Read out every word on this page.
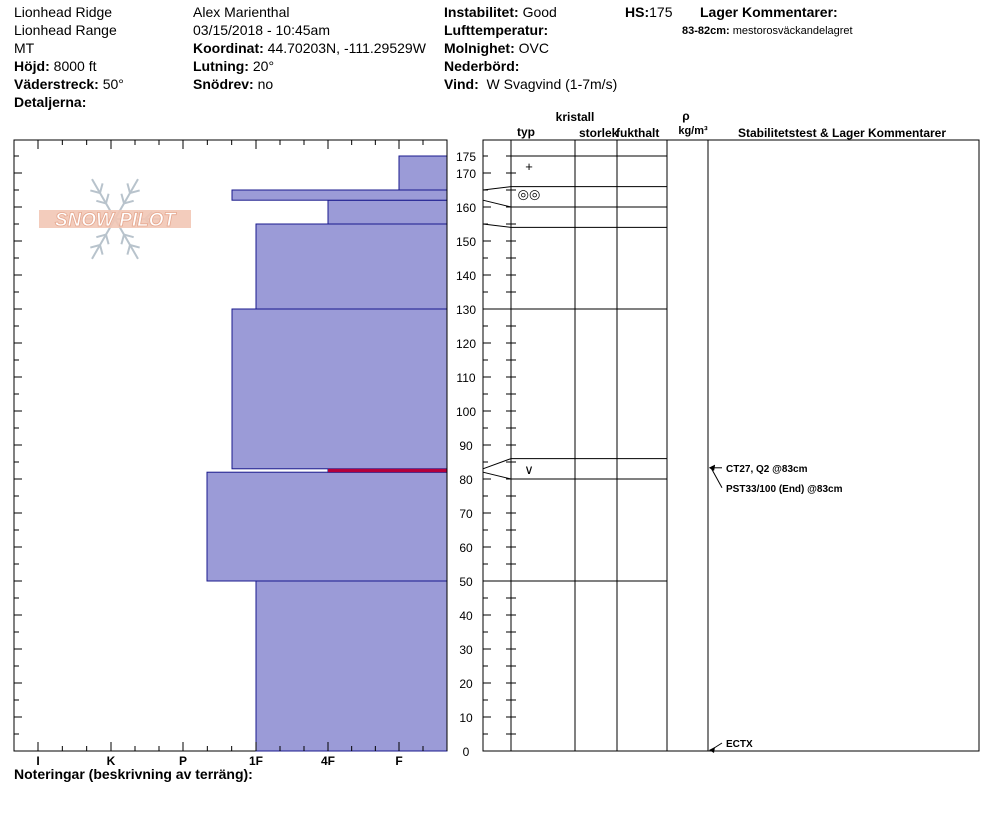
Lionhead Ridge
Lionhead Range
MT
Höjd: 8000 ft
Väderstreck: 50°
Detaljerna:
Alex Marienthal
03/15/2018 - 10:45am
Koordinat: 44.70203N, -111.29529W
Lutning: 20°
Snödrev: no
Instabilitet: Good
Lufttemperatur:
Molnighet: OVC
Nederbörd:
Vind: W Svagvind (1-7m/s)
HS:175 Lager Kommentarer:
83-82cm: mestorosväckandelagret
Noteringar (beskrivning av terräng):
SNOW PILOT
I	K	P	1F	4F	F
0
10
20
30
40
50
60
70
80
90
100
110
120
130
140
150
160
170
175
kristall
typ	storlek
fukthalt
ρ
kg/m³	Stabilitetstest & Lager Kommentarer
+
◎◎
∨	CT27, Q2 @83cm
PST33/100 (End) @83cm
ECTX
